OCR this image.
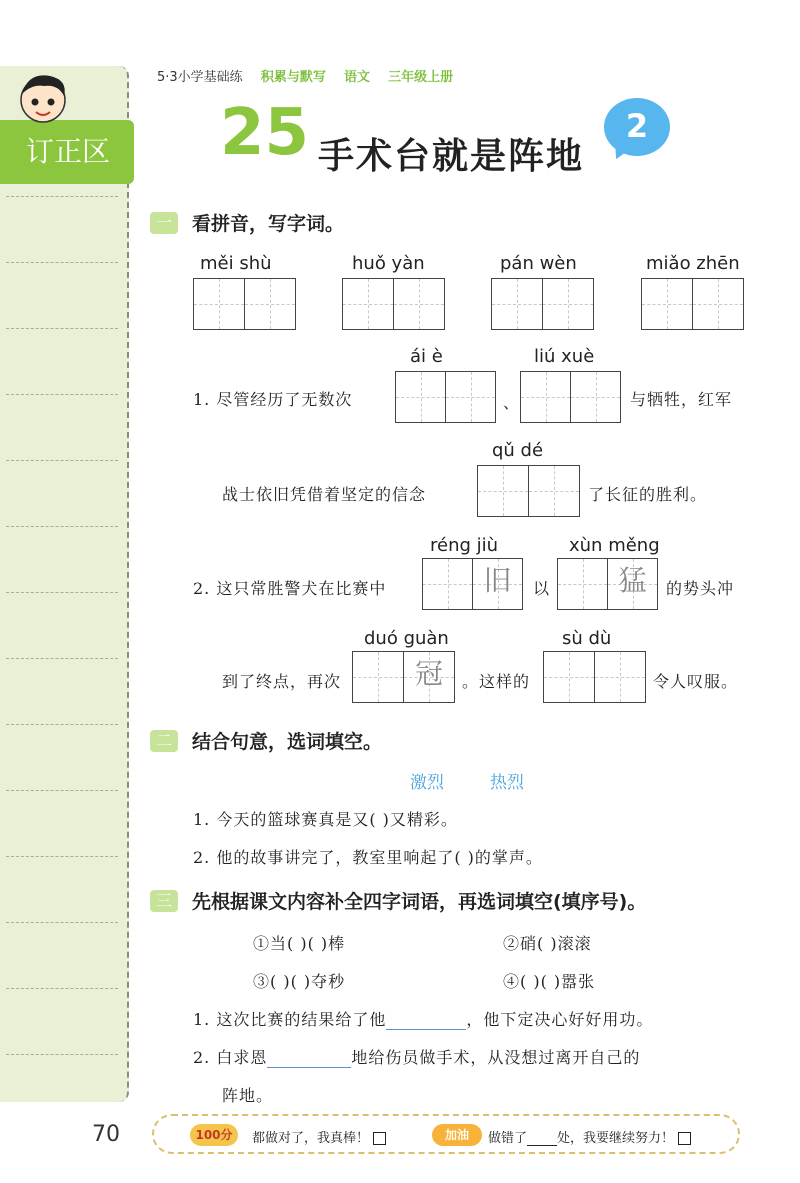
订正区
5·3小学基础练 积累与默写 语文 三年级上册
25 手术台就是阵地
2
一	看拼音，写字词。
měi shù	huǒ yàn	pán wèn	miǎo zhēn
ái è	liú xuè
1. 尽管经历了无数次	、	与牺牲，红军
qǔ dé
战士依旧凭借着坚定的信念	了长征的胜利。
réng jiù	xùn měng
2. 这只常胜警犬在比赛中	旧	以	猛	的势头冲
duó guàn	sù dù
到了终点，再次	冠	。这样的	令人叹服。
二	结合句意，选词填空。
激烈	热烈
1. 今天的篮球赛真是又( )又精彩。
2. 他的故事讲完了，教室里响起了( )的掌声。
三	先根据课文内容补全四字词语，再选词填空(填序号)。
①当( )( )棒	②硝( )滚滚
③( )( )夺秒	④( )( )嚣张
1. 这次比赛的结果给了他	，他下定决心好好用功。
2. 白求恩	地给伤员做手术，从没想过离开自己的
阵地。
70	100分	都做对了，我真棒！	加油	做错了 处，我要继续努力！
